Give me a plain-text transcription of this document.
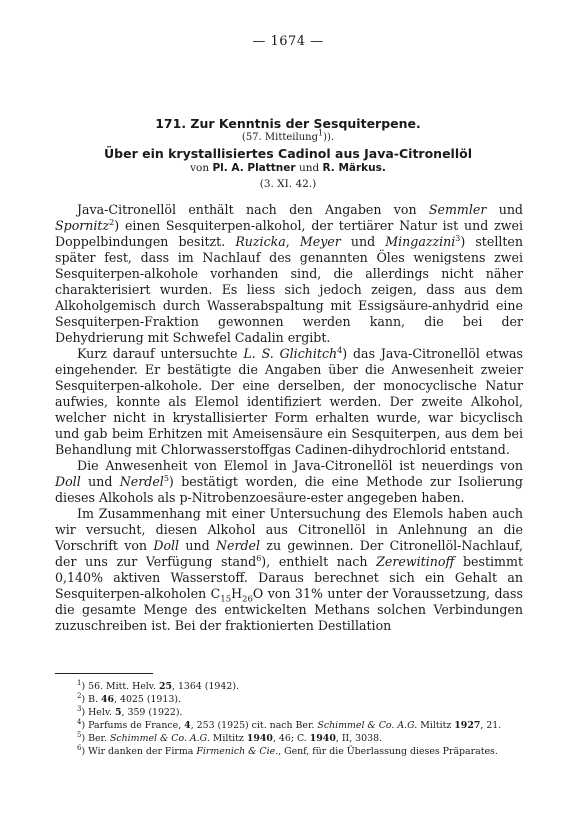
— 1674 —
171. Zur Kenntnis der Sesquiterpene.
(57. Mitteilung$^1$)).
Über ein krystallisiertes Cadinol aus Java-Citronellöl
von Pl. A. Plattner und R. Märkus.
(3. XI. 42.)

Java-Citronellöl enthält nach den Angaben von Semmler und Spornitz$^2$) einen Sesquiterpen-alkohol, der tertiärer Natur ist und zwei Doppelbindungen besitzt. Ruzicka, Meyer und Mingazzini$^3$) stellten später fest, dass im Nachlauf des genannten Öles wenigstens zwei Sesquiterpen-alkohole vorhanden sind, die allerdings nicht näher charakterisiert wurden. Es liess sich jedoch zeigen, dass aus dem Alkoholgemisch durch Wasserabspaltung mit Essigsäure-anhydrid eine Sesquiterpen-Fraktion gewonnen werden kann, die bei der Dehydrierung mit Schwefel Cadalin ergibt.

Kurz darauf untersuchte L. S. Glichitch$^4$) das Java-Citronellöl etwas eingehender. Er bestätigte die Angaben über die Anwesenheit zweier Sesquiterpen-alkohole. Der eine derselben, der monocyclische Natur aufwies, konnte als Elemol identifiziert werden. Der zweite Alkohol, welcher nicht in krystallisierter Form erhalten wurde, war bicyclisch und gab beim Erhitzen mit Ameisensäure ein Sesquiterpen, aus dem bei Behandlung mit Chlorwasserstoffgas Cadinen-dihydrochlorid entstand.

Die Anwesenheit von Elemol in Java-Citronellöl ist neuerdings von Doll und Nerdel$^5$) bestätigt worden, die eine Methode zur Isolierung dieses Alkohols als p-Nitrobenzoesäure-ester angegeben haben.

Im Zusammenhang mit einer Untersuchung des Elemols haben auch wir versucht, diesen Alkohol aus Citronellöl in Anlehnung an die Vorschrift von Doll und Nerdel zu gewinnen. Der Citronellöl-Nachlauf, der uns zur Verfügung stand$^6$), enthielt nach Zerewitinoff bestimmt 0,140% aktiven Wasserstoff. Daraus berechnet sich ein Gehalt an Sesquiterpen-alkoholen $C_{15}H_{26}O$ von 31% unter der Voraussetzung, dass die gesamte Menge des entwickelten Methans solchen Verbindungen zuzuschreiben ist. Bei der fraktionierten Destillation

$^1$) 56. Mitt. Helv. 25, 1364 (1942).

$^2$) B. 46, 4025 (1913).

$^3$) Helv. 5, 359 (1922).

$^4$) Parfums de France, 4, 253 (1925) cit. nach Ber. Schimmel & Co. A.G. Miltitz 1927, 21.

$^5$) Ber. Schimmel & Co. A.G. Miltitz 1940, 46; C. 1940, II, 3038.

$^6$) Wir danken der Firma Firmenich & Cie., Genf, für die Überlassung dieses Präparates.
